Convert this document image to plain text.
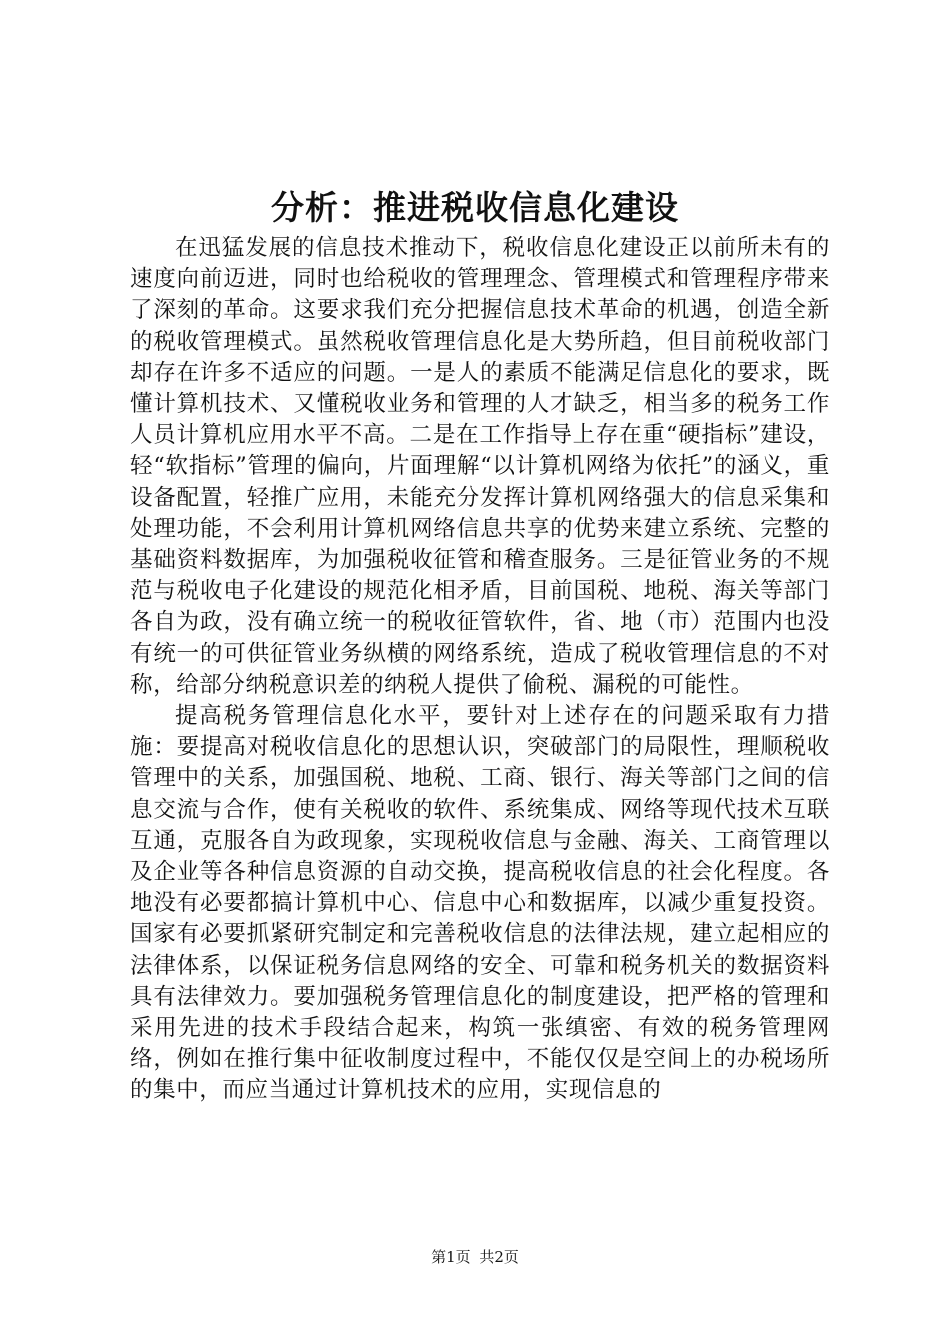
分析：推进税收信息化建设

在迅猛发展的信息技术推动下，税收信息化建设正以前所未有的速度向前迈进，同时也给税收的管理理念、管理模式和管理程序带来了深刻的革命。这要求我们充分把握信息技术革命的机遇，创造全新的税收管理模式。虽然税收管理信息化是大势所趋，但目前税收部门却存在许多不适应的问题。一是人的素质不能满足信息化的要求，既懂计算机技术、又懂税收业务和管理的人才缺乏，相当多的税务工作人员计算机应用水平不高。二是在工作指导上存在重“硬指标”建设，轻“软指标”管理的偏向，片面理解“以计算机网络为依托”的涵义，重设备配置，轻推广应用，未能充分发挥计算机网络强大的信息采集和处理功能，不会利用计算机网络信息共享的优势来建立系统、完整的基础资料数据库，为加强税收征管和稽查服务。三是征管业务的不规范与税收电子化建设的规范化相矛盾，目前国税、地税、海关等部门各自为政，没有确立统一的税收征管软件，省、地（市）范围内也没有统一的可供征管业务纵横的网络系统，造成了税收管理信息的不对称，给部分纳税意识差的纳税人提供了偷税、漏税的可能性。

提高税务管理信息化水平，要针对上述存在的问题采取有力措施：要提高对税收信息化的思想认识，突破部门的局限性，理顺税收管理中的关系，加强国税、地税、工商、银行、海关等部门之间的信息交流与合作，使有关税收的软件、系统集成、网络等现代技术互联互通，克服各自为政现象，实现税收信息与金融、海关、工商管理以及企业等各种信息资源的自动交换，提高税收信息的社会化程度。各地没有必要都搞计算机中心、信息中心和数据库，以减少重复投资。国家有必要抓紧研究制定和完善税收信息的法律法规，建立起相应的法律体系，以保证税务信息网络的安全、可靠和税务机关的数据资料具有法律效力。要加强税务管理信息化的制度建设，把严格的管理和采用先进的技术手段结合起来，构筑一张缜密、有效的税务管理网络，例如在推行集中征收制度过程中，不能仅仅是空间上的办税场所的集中，而应当通过计算机技术的应用，实现信息的

第1页 共2页
